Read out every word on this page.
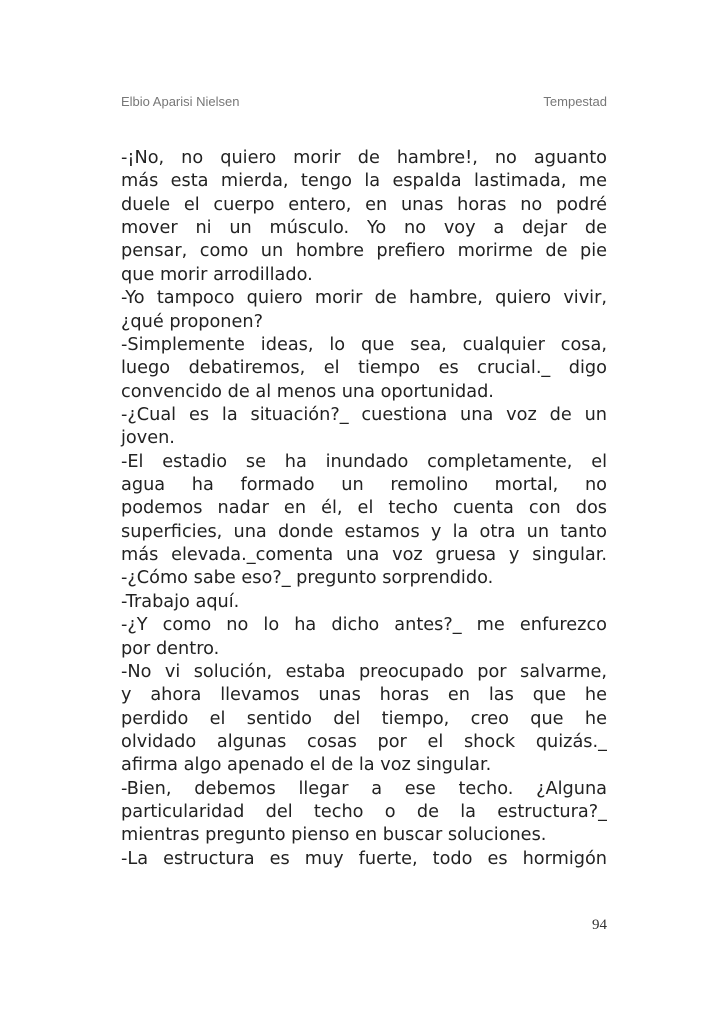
Elbio Aparisi Nielsen	Tempestad
-¡No, no quiero morir de hambre!, no aguanto
más esta mierda, tengo la espalda lastimada, me
duele el cuerpo entero, en unas horas no podré
mover ni un músculo. Yo no voy a dejar de
pensar, como un hombre prefiero morirme de pie
que morir arrodillado.
-Yo tampoco quiero morir de hambre, quiero vivir,
¿qué proponen?
-Simplemente ideas, lo que sea, cualquier cosa,
luego debatiremos, el tiempo es crucial._ digo
convencido de al menos una oportunidad.
-¿Cual es la situación?_ cuestiona una voz de un
joven.
-El estadio se ha inundado completamente, el
agua ha formado un remolino mortal, no
podemos nadar en él, el techo cuenta con dos
superficies, una donde estamos y la otra un tanto
más elevada._comenta una voz gruesa y singular.
-¿Cómo sabe eso?_ pregunto sorprendido.
-Trabajo aquí.
-¿Y como no lo ha dicho antes?_ me enfurezco
por dentro.
-No vi solución, estaba preocupado por salvarme,
y ahora llevamos unas horas en las que he
perdido el sentido del tiempo, creo que he
olvidado algunas cosas por el shock quizás._
afirma algo apenado el de la voz singular.
-Bien, debemos llegar a ese techo. ¿Alguna
particularidad del techo o de la estructura?_
mientras pregunto pienso en buscar soluciones.
-La estructura es muy fuerte, todo es hormigón
94
